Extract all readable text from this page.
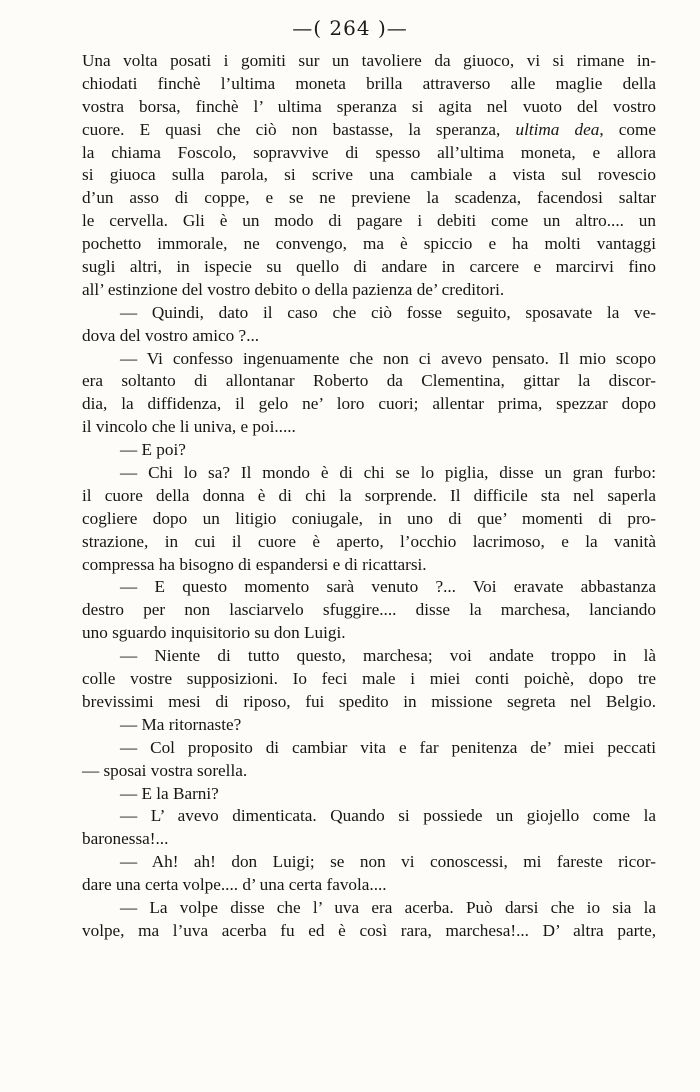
—( 264 )—
Una volta posati i gomiti sur un tavoliere da giuoco, vi si rimane in-
chiodati finchè l’ultima moneta brilla attraverso alle maglie della
vostra borsa, finchè l’ ultima speranza si agita nel vuoto del vostro
cuore. E quasi che ciò non bastasse, la speranza, ultima dea, come
la chiama Foscolo, sopravvive di spesso all’ultima moneta, e allora
si giuoca sulla parola, si scrive una cambiale a vista sul rovescio
d’un asso di coppe, e se ne previene la scadenza, facendosi saltar
le cervella. Gli è un modo di pagare i debiti come un altro.... un
pochetto immorale, ne convengo, ma è spiccio e ha molti vantaggi
sugli altri, in ispecie su quello di andare in carcere e marcirvi fino
all’ estinzione del vostro debito o della pazienza de’ creditori.
— Quindi, dato il caso che ciò fosse seguito, sposavate la ve-
dova del vostro amico ?...
— Vi confesso ingenuamente che non ci avevo pensato. Il mio scopo
era soltanto di allontanar Roberto da Clementina, gittar la discor-
dia, la diffidenza, il gelo ne’ loro cuori; allentar prima, spezzar dopo
il vincolo che li univa, e poi.....
— E poi?
— Chi lo sa? Il mondo è di chi se lo piglia, disse un gran furbo:
il cuore della donna è di chi la sorprende. Il difficile sta nel saperla
cogliere dopo un litigio coniugale, in uno di que’ momenti di pro-
strazione, in cui il cuore è aperto, l’occhio lacrimoso, e la vanità
compressa ha bisogno di espandersi e di ricattarsi.
— E questo momento sarà venuto ?... Voi eravate abbastanza
destro per non lasciarvelo sfuggire.... disse la marchesa, lanciando
uno sguardo inquisitorio su don Luigi.
— Niente di tutto questo, marchesa; voi andate troppo in là
colle vostre supposizioni. Io feci male i miei conti poichè, dopo tre
brevissimi mesi di riposo, fui spedito in missione segreta nel Belgio.
— Ma ritornaste?
— Col proposito di cambiar vita e far penitenza de’ miei peccati
— sposai vostra sorella.
— E la Barni?
— L’ avevo dimenticata. Quando si possiede un giojello come la
baronessa!...
— Ah! ah! don Luigi; se non vi conoscessi, mi fareste ricor-
dare una certa volpe.... d’ una certa favola....
— La volpe disse che l’ uva era acerba. Può darsi che io sia la
volpe, ma l’uva acerba fu ed è così rara, marchesa!... D’ altra parte,
